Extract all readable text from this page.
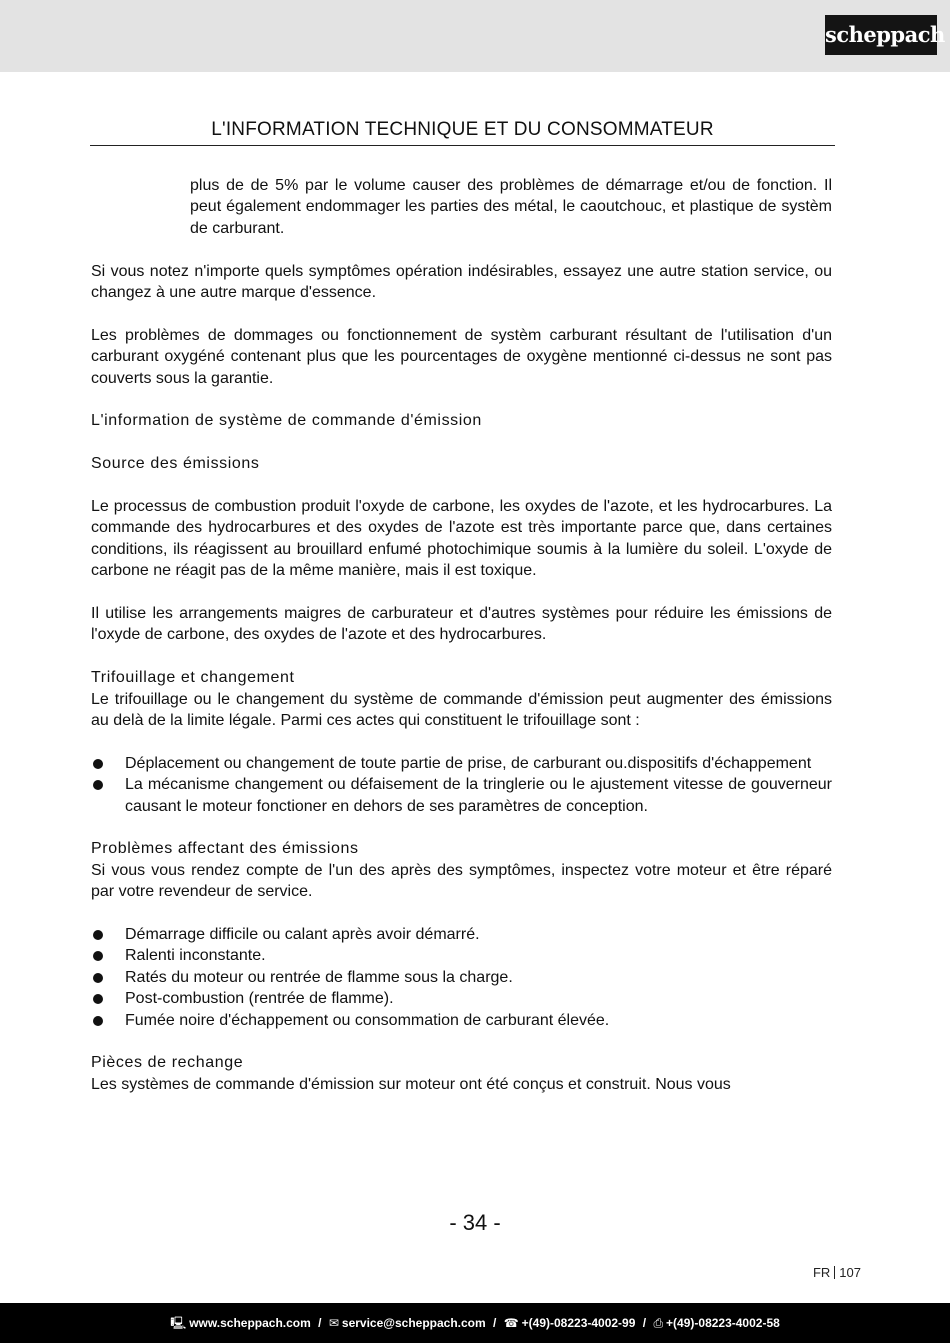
scheppach
L'INFORMATION TECHNIQUE ET DU CONSOMMATEUR

plus de de 5% par le volume causer des problèmes de démarrage et/ou de fonction. Il peut également endommager les parties des métal, le caoutchouc, et plastique de systèm de carburant.

Si vous notez n'importe quels symptômes opération indésirables, essayez une autre station service, ou changez à une autre marque d'essence.

Les problèmes de dommages ou fonctionnement de systèm carburant résultant de l'utilisation d'un carburant oxygéné contenant plus que les pourcentages de oxygène mentionné ci-dessus ne sont pas couverts sous la garantie.

L'information de système de commande d'émission

Source des émissions

Le processus de combustion produit l'oxyde de carbone, les oxydes de l'azote, et les hydrocarbures. La commande des hydrocarbures et des oxydes de l'azote est très importante parce que, dans certaines conditions, ils réagissent au brouillard enfumé photochimique soumis à la lumière du soleil. L'oxyde de carbone ne réagit pas de la même manière, mais il est toxique.

Il utilise les arrangements maigres de carburateur et d'autres systèmes pour réduire les émissions de l'oxyde de carbone, des oxydes de l'azote et des hydrocarbures.

Trifouillage et changement

Le trifouillage ou le changement du système de commande d'émission peut augmenter des émissions au delà de la limite légale. Parmi ces actes qui constituent le trifouillage sont :

Déplacement ou changement de toute partie de prise, de carburant ou.dispositifs d'échappement
La mécanisme changement ou défaisement de la tringlerie ou le ajustement vitesse de gouverneur causant le moteur fonctioner en dehors de ses paramètres de conception.

Problèmes affectant des émissions

Si vous vous rendez compte de l'un des après des symptômes, inspectez votre moteur et être réparé par votre revendeur de service.

Démarrage difficile ou calant après avoir démarré.
Ralenti inconstante.
Ratés du moteur ou rentrée de flamme sous la charge.
Post-combustion (rentrée de flamme).
Fumée noire d'échappement ou consommation de carburant élevée.

Pièces de rechange

Les systèmes de commande d'émission sur moteur ont été conçus et construit. Nous vous

- 34 -
FR 107
🖳 www.scheppach.com / ✉ service@scheppach.com / ☎ +(49)-08223-4002-99 / ⎙ +(49)-08223-4002-58
